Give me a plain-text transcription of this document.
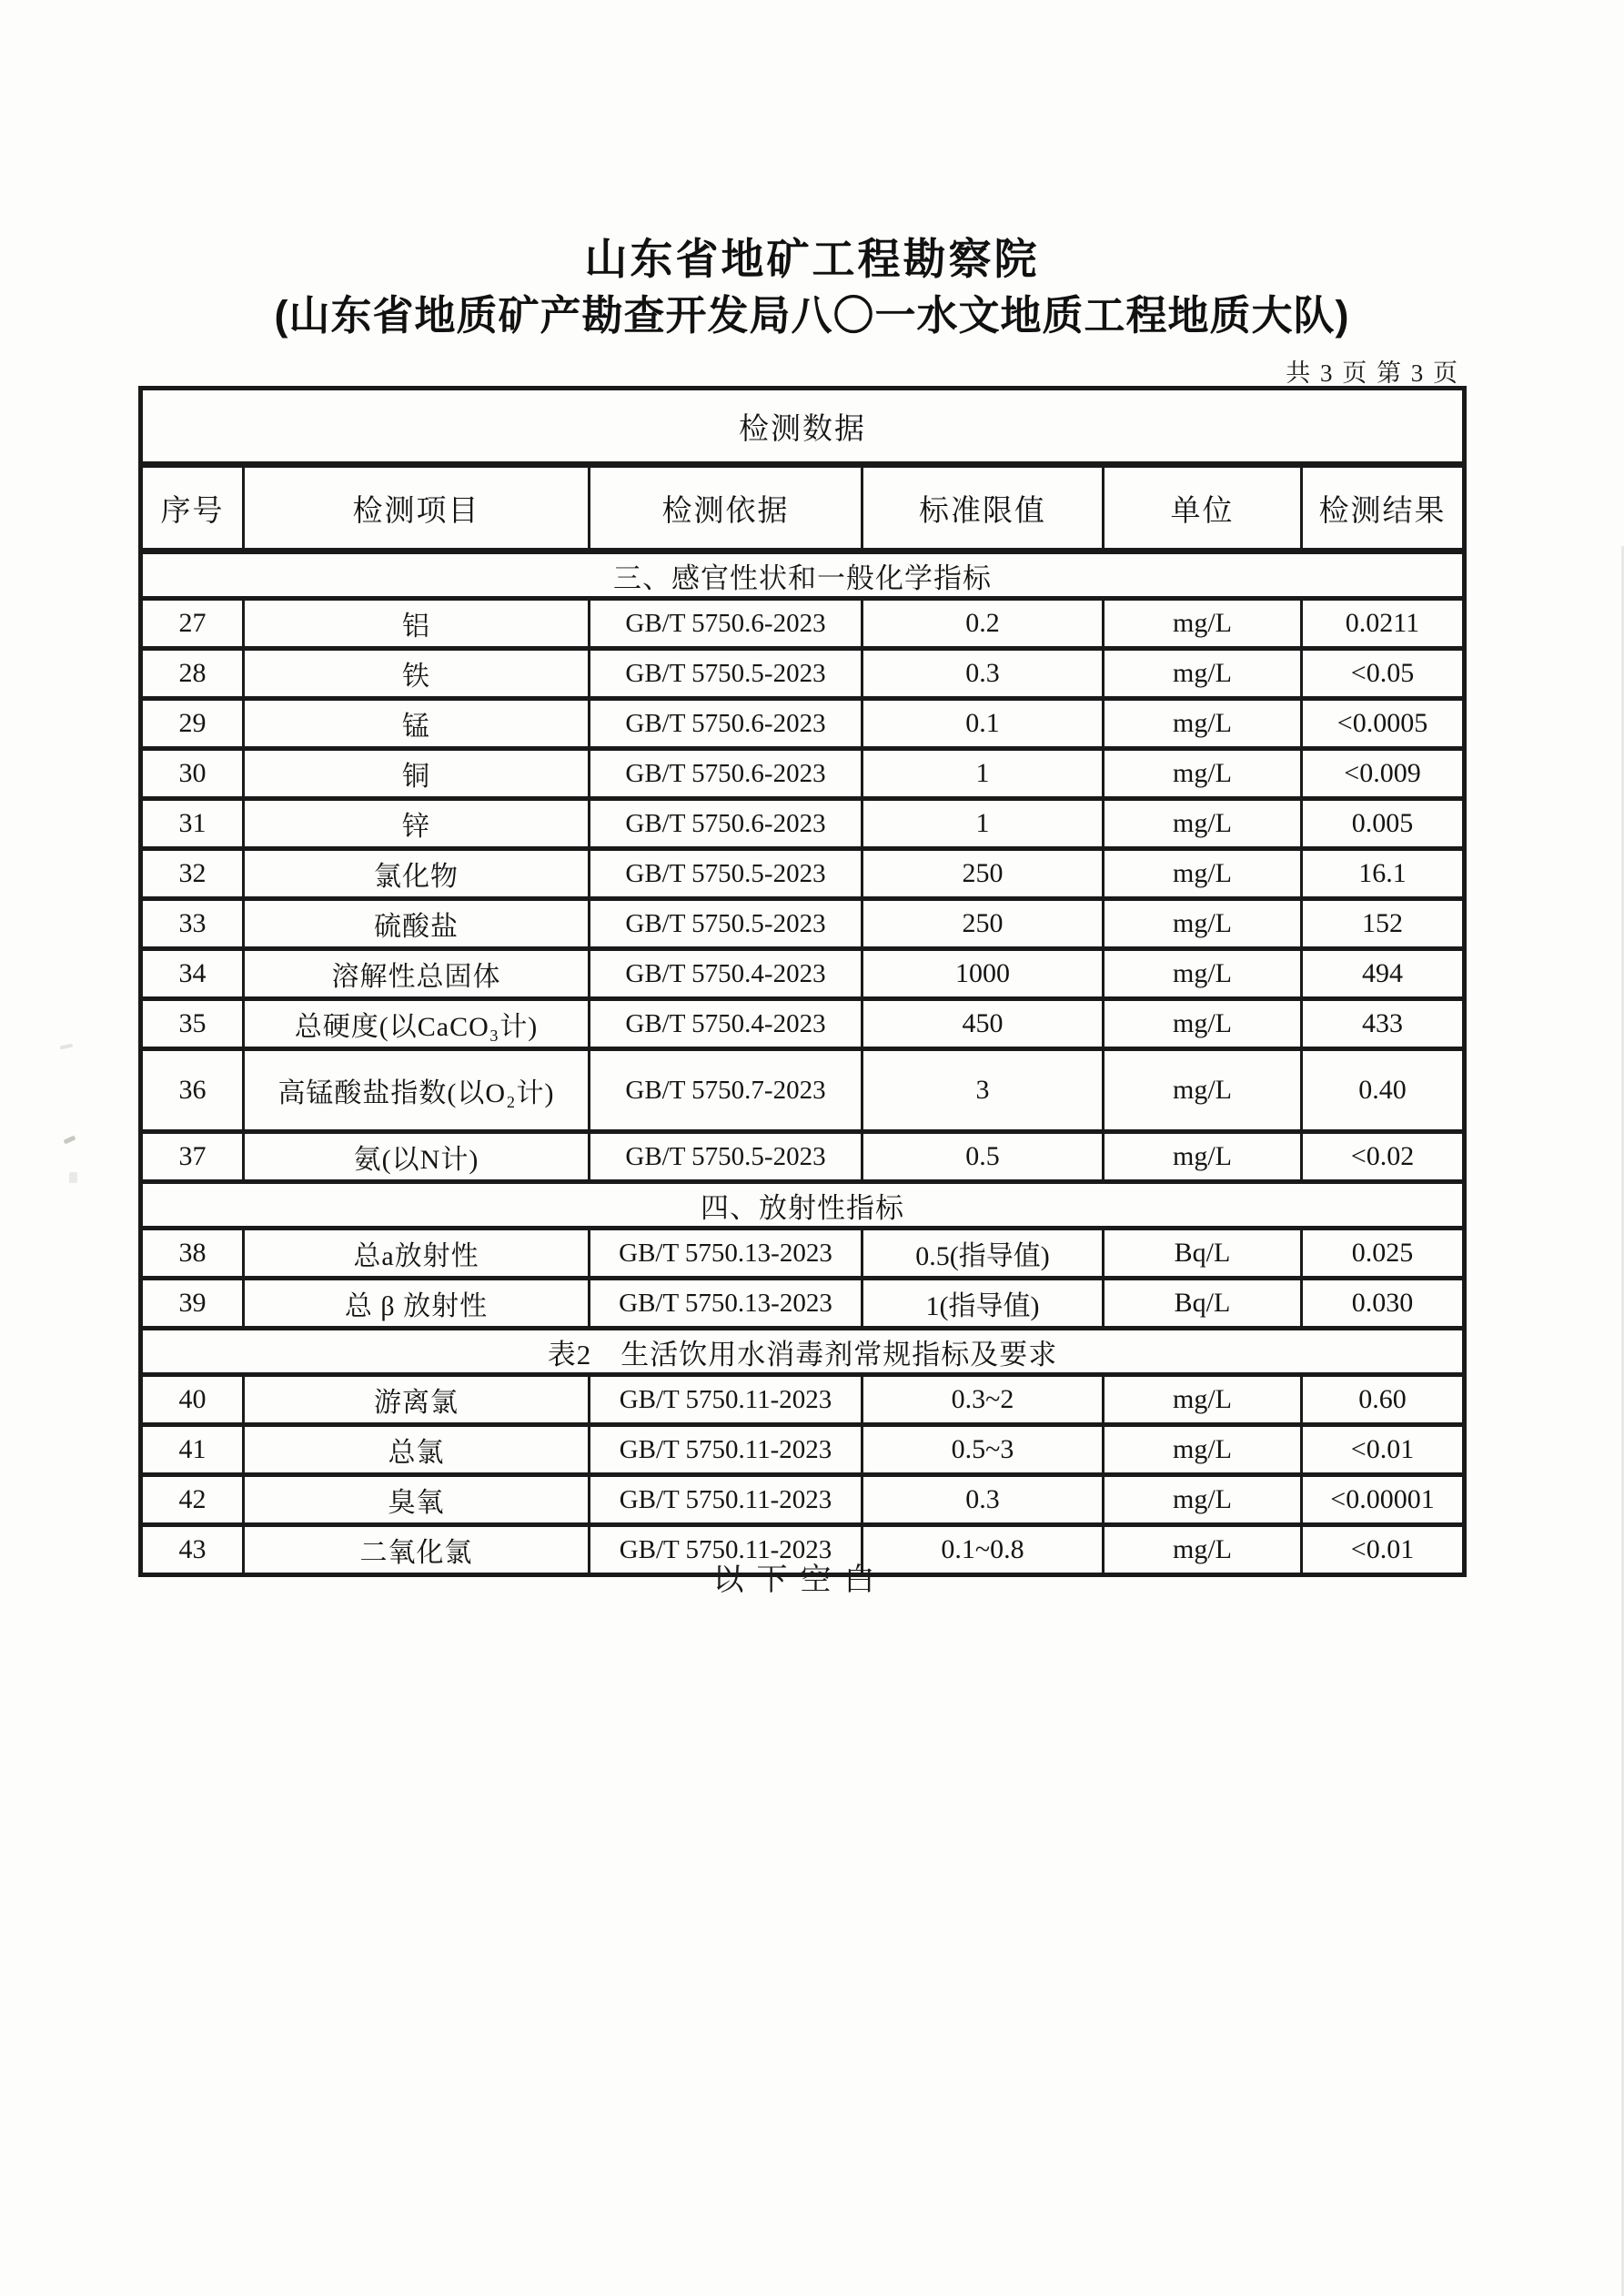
山东省地矿工程勘察院
(山东省地质矿产勘查开发局八〇一水文地质工程地质大队)
共 3 页 第 3 页
检测数据					
序号	检测项目	检测依据	标准限值	单位	检测结果
三、感官性状和一般化学指标					
27	铝	GB/T 5750.6-2023	0.2	mg/L	0.0211
28	铁	GB/T 5750.5-2023	0.3	mg/L	<0.05
29	锰	GB/T 5750.6-2023	0.1	mg/L	<0.0005
30	铜	GB/T 5750.6-2023	1	mg/L	<0.009
31	锌	GB/T 5750.6-2023	1	mg/L	0.005
32	氯化物	GB/T 5750.5-2023	250	mg/L	16.1
33	硫酸盐	GB/T 5750.5-2023	250	mg/L	152
34	溶解性总固体	GB/T 5750.4-2023	1000	mg/L	494
35	总硬度(以CaCO₃计)	GB/T 5750.4-2023	450	mg/L	433
36	高锰酸盐指数(以O₂计)	GB/T 5750.7-2023	3	mg/L	0.40
37	氨(以N计)	GB/T 5750.5-2023	0.5	mg/L	<0.02
四、放射性指标					
38	总a放射性	GB/T 5750.13-2023	0.5(指导值)	Bq/L	0.025
39	总 β 放射性	GB/T 5750.13-2023	1(指导值)	Bq/L	0.030
表2　生活饮用水消毒剂常规指标及要求					
40	游离氯	GB/T 5750.11-2023	0.3~2	mg/L	0.60
41	总氯	GB/T 5750.11-2023	0.5~3	mg/L	<0.01
42	臭氧	GB/T 5750.11-2023	0.3	mg/L	<0.00001
43	二氧化氯	GB/T 5750.11-2023	0.1~0.8	mg/L	<0.01
以下空白
